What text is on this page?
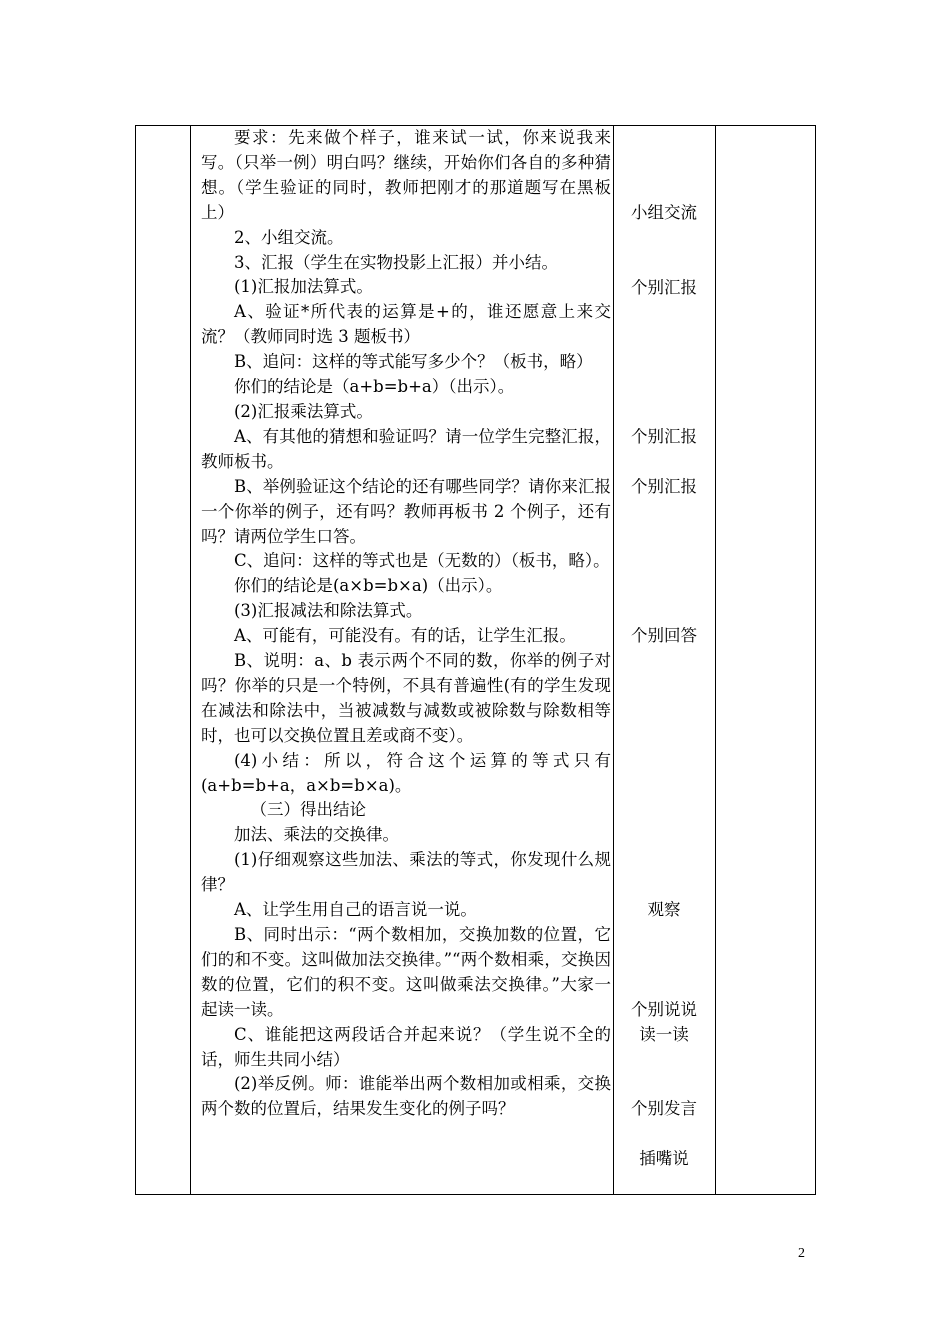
要求：先来做个样子，谁来试一试，你来说我来写。（只举一例）明白吗？继续，开始你们各自的多种猜想。（学生验证的同时，教师把刚才的那道题写在黑板上）
2、小组交流。
3、汇报（学生在实物投影上汇报）并小结。
(1)汇报加法算式。
A、验证*所代表的运算是+的，谁还愿意上来交流？（教师同时选 3 题板书）
B、追问：这样的等式能写多少个？（板书，略）
你们的结论是（a+b=b+a）（出示）。
(2)汇报乘法算式。
A、有其他的猜想和验证吗？请一位学生完整汇报，教师板书。
B、举例验证这个结论的还有哪些同学？请你来汇报一个你举的例子，还有吗？教师再板书 2 个例子，还有吗？请两位学生口答。
C、追问：这样的等式也是（无数的）（板书，略）。
你们的结论是(a×b=b×a)（出示）。
(3)汇报减法和除法算式。
A、可能有，可能没有。有的话，让学生汇报。
B、说明：a、b 表示两个不同的数，你举的例子对吗？你举的只是一个特例，不具有普遍性(有的学生发现在减法和除法中，当被减数与减数或被除数与除数相等时，也可以交换位置且差或商不变）。
(4)小结：所以，符合这个运算的等式只有(a+b=b+a，a×b=b×a)。
（三）得出结论
加法、乘法的交换律。
(1)仔细观察这些加法、乘法的等式，你发现什么规律？
A、让学生用自己的语言说一说。
B、同时出示：“两个数相加，交换加数的位置，它们的和不变。这叫做加法交换律。”“两个数相乘，交换因数的位置，它们的积不变。这叫做乘法交换律。”大家一起读一读。
C、谁能把这两段话合并起来说？（学生说不全的话，师生共同小结）
(2)举反例。师：谁能举出两个数相加或相乘，交换两个数的位置后，结果发生变化的例子吗？
小组交流
个别汇报
个别汇报
个别汇报
个别回答
观察
个别说说
读一读
个别发言
插嘴说
2
